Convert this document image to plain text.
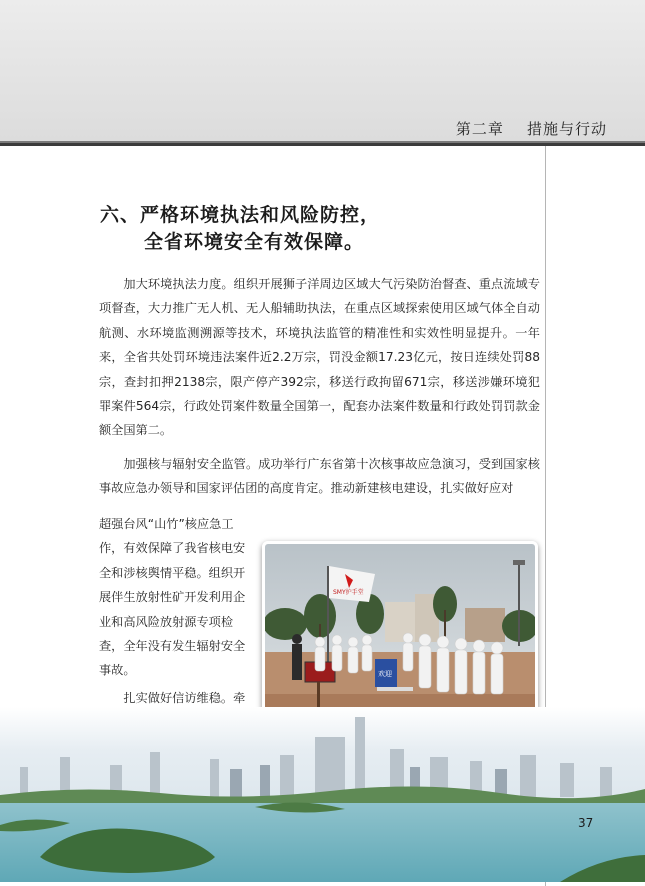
第二章    措施与行动
六、严格环境执法和风险防控，
全省环境安全有效保障。

加大环境执法力度。组织开展狮子洋周边区域大气污染防治督查、重点流域专项督查，大力推广无人机、无人船辅助执法，在重点区域探索使用区域气体全自动航测、水环境监测溯源等技术，环境执法监管的精准性和实效性明显提升。一年来，全省共处罚环境违法案件近2.2万宗，罚没金额17.23亿元，按日连续处罚88宗，查封扣押2138宗，限产停产392宗，移送行政拘留671宗，移送涉嫌环境犯罪案件564宗，行政处罚案件数量全国第一，配套办法案件数量和行政处罚罚款金额全国第二。

加强核与辐射安全监管。成功举行广东省第十次核事故应急演习，受到国家核事故应急办领导和国家评估团的高度肯定。推动新建核电建设，扎实做好应对

超强台风“山竹”核应急工作，有效保障了我省核电安全和涉核舆情平稳。组织开展伴生放射性矿开发利用企业和高风险放射源专项检查，全年没有发生辐射安全事故。

扎实做好信访维稳。牵

SMY护手堂
欢迎
37
